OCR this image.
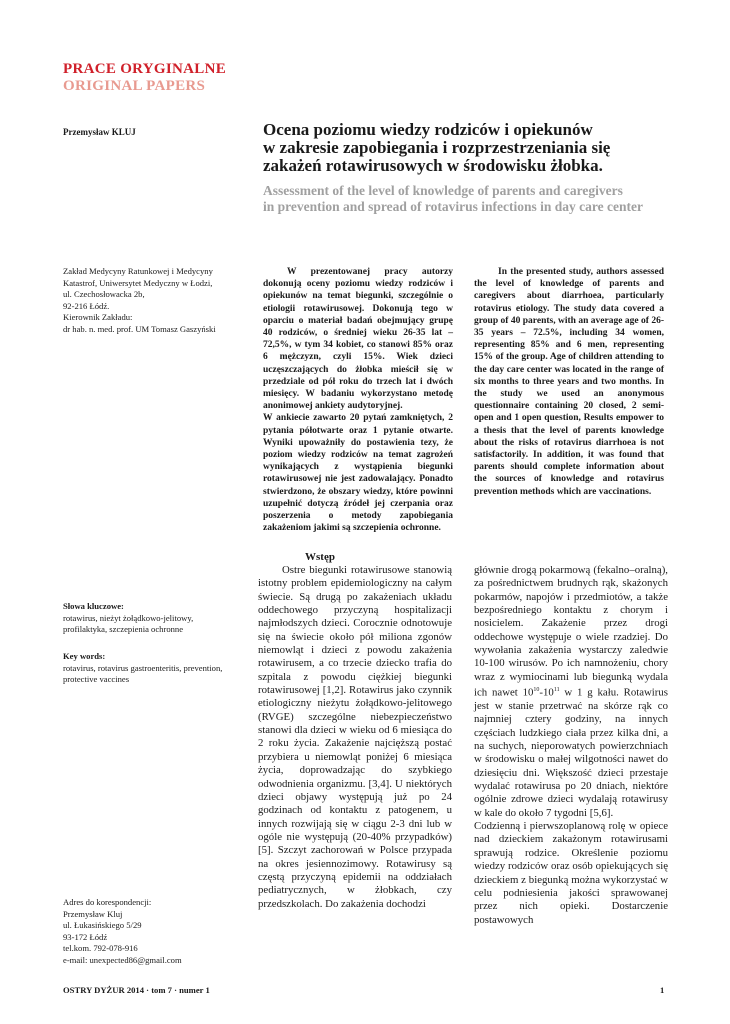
PRACE ORYGINALNE
ORIGINAL PAPERS
Przemysław KLUJ	Ocena poziomu wiedzy rodziców i opiekunów
w zakresie zapobiegania i rozprzestrzeniania się
zakażeń rotawirusowych w środowisku żłobka.
Assessment of the level of knowledge of parents and caregivers
in prevention and spread of rotavirus infections in day care center
Zakład Medycyny Ratunkowej i Medycyny
Katastrof, Uniwersytet Medyczny w Łodzi,
ul. Czechosłowacka 2b,
92-216 Łódź.
Kierownik Zakładu:
dr hab. n. med. prof. UM Tomasz Gaszyński
Słowa kluczowe:
rotawirus, nieżyt żołądkowo-jelitowy,
profilaktyka, szczepienia ochronne
Key words:
rotavirus, rotavirus gastroenteritis, prevention,
protective vaccines
Adres do korespondencji:
Przemysław Kluj
ul. Łukasińskiego 5/29
93-172 Łódź
tel.kom. 792-078-916
e-mail: unexpected86@gmail.com

W prezentowanej pracy autorzy dokonują oceny poziomu wiedzy rodziców i opiekunów na temat biegunki, szczególnie o etiologii rotawirusowej. Dokonują tego w oparciu o materiał badań obejmujący grupę 40 rodziców, o średniej wieku 26-35 lat – 72,5%, w tym 34 kobiet, co stanowi 85% oraz 6 mężczyzn, czyli 15%. Wiek dzieci uczęszczających do żłobka mieścił się w przedziale od pół roku do trzech lat i dwóch miesięcy. W badaniu wykorzystano metodę anonimowej ankiety audytoryjnej.

W ankiecie zawarto 20 pytań zamkniętych, 2 pytania półotwarte oraz 1 pytanie otwarte. Wyniki upoważniły do postawienia tezy, że poziom wiedzy rodziców na temat zagrożeń wynikających z wystąpienia biegunki rotawirusowej nie jest zadowalający. Ponadto stwierdzono, że obszary wiedzy, które powinni uzupełnić dotyczą źródeł jej czerpania oraz poszerzenia o metody zapobiegania zakażeniom jakimi są szczepienia ochronne.

In the presented study, authors assessed the level of knowledge of parents and caregivers about diarrhoea, particularly rotavirus etiology. The study data covered a group of 40 parents, with an average age of 26-35 years – 72.5%, including 34 women, representing 85% and 6 men, representing 15% of the group. Age of children attending to the day care center was located in the range of six months to three years and two months. In the study we used an anonymous questionnaire containing 20 closed, 2 semi-open and 1 open question, Results empower to a thesis that the level of parents knowledge about the risks of rotavirus diarrhoea is not satisfactorily. In addition, it was found that parents should complete information about the sources of knowledge and rotavirus prevention methods which are vaccinations.

Wstęp

Ostre biegunki rotawirusowe stanowią istotny problem epidemiologiczny na całym świecie. Są drugą po zakażeniach układu oddechowego przyczyną hospitalizacji najmłodszych dzieci. Corocznie odnotowuje się na świecie około pół miliona zgonów niemowląt i dzieci z powodu zakażenia rotawirusem, a co trzecie dziecko trafia do szpitala z powodu ciężkiej biegunki rotawirusowej [1,2]. Rotawirus jako czynnik etiologiczny nieżytu żołądkowo-jelitowego (RVGE) szczególne niebezpieczeństwo stanowi dla dzieci w wieku od 6 miesiąca do 2 roku życia. Zakażenie najcięższą postać przybiera u niemowląt poniżej 6 miesiąca życia, doprowadzając do szybkiego odwodnienia organizmu. [3,4]. U niektórych dzieci objawy występują już po 24 godzinach od kontaktu z patogenem, u innych rozwijają się w ciągu 2-3 dni lub w ogóle nie występują (20-40% przypadków) [5]. Szczyt zachorowań w Polsce przypada na okres jesiennozimowy. Rotawirusy są częstą przyczyną epidemii na oddziałach pediatrycznych, w żłobkach, czy przedszkolach. Do zakażenia dochodzi

głównie drogą pokarmową (fekalno–oralną), za pośrednictwem brudnych rąk, skażonych pokarmów, napojów i przedmiotów, a także bezpośredniego kontaktu z chorym i nosicielem. Zakażenie przez drogi oddechowe występuje o wiele rzadziej. Do wywołania zakażenia wystarczy zaledwie 10-100 wirusów. Po ich namnożeniu, chory wraz z wymiocinami lub biegunką wydala ich nawet $10^{10}-10^{11}$ w 1 g kału. Rotawirus jest w stanie przetrwać na skórze rąk co najmniej cztery godziny, na innych częściach ludzkiego ciała przez kilka dni, a na suchych, nieporowatych powierzchniach w środowisku o małej wilgotności nawet do dziesięciu dni. Większość dzieci przestaje wydalać rotawirusa po 20 dniach, niektóre ogólnie zdrowe dzieci wydalają rotawirusy w kale do około 7 tygodni [5,6].

Codzienną i pierwszoplanową rolę w opiece nad dzieckiem zakażonym rotawirusami sprawują rodzice. Określenie poziomu wiedzy rodziców oraz osób opiekujących się dzieckiem z biegunką można wykorzystać w celu podniesienia jakości sprawowanej przez nich opieki. Dostarczenie postawowych

OSTRY DYŻUR 2014 · tom 7 · numer 1	1
